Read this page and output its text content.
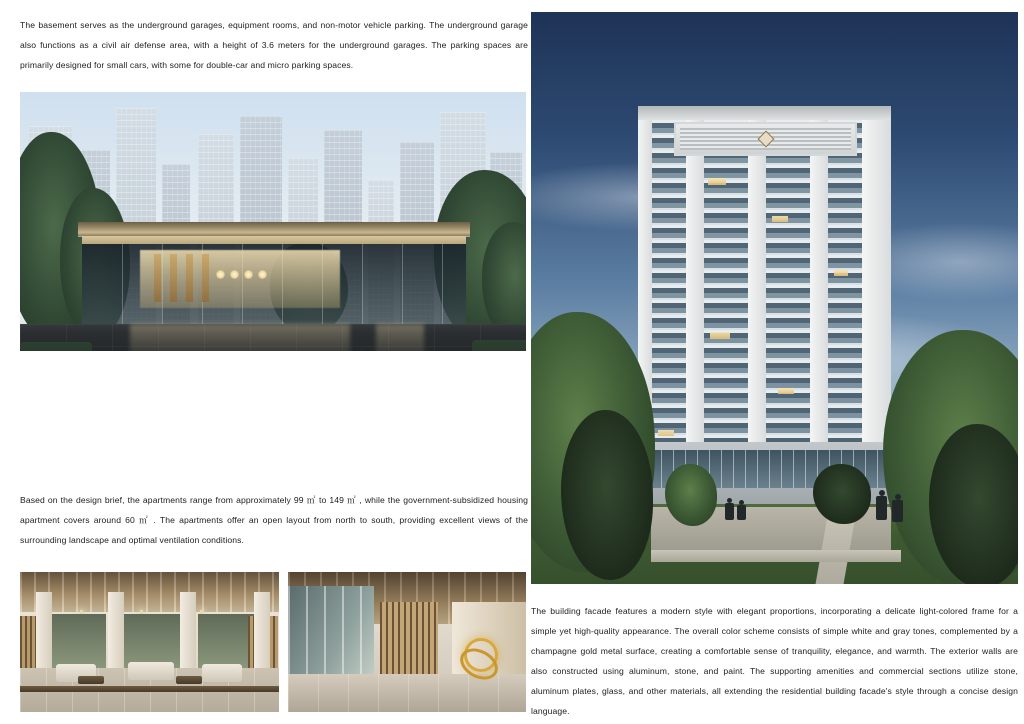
The basement serves as the underground garages, equipment rooms, and non-motor vehicle parking. The underground garage also functions as a civil air defense area, with a height of 3.6 meters for the underground garages. The parking spaces are primarily designed for small cars, with some for double-car and micro parking spaces.
Based on the design brief, the apartments range from approximately 99 ㎡ to 149 ㎡ , while the government-subsidized housing apartment covers around 60 ㎡ . The apartments offer an open layout from north to south, providing excellent views of the surrounding landscape and optimal ventilation conditions.
The building facade features a modern style with elegant proportions, incorporating a delicate light-colored frame for a simple yet high-quality appearance. The overall color scheme consists of simple white and gray tones, complemented by a champagne gold metal surface, creating a comfortable sense of tranquility, elegance, and warmth. The exterior walls are also constructed using aluminum, stone, and paint. The supporting amenities and commercial sections utilize stone, aluminum plates, glass, and other materials, all extending the residential building facade's style through a concise design language.
